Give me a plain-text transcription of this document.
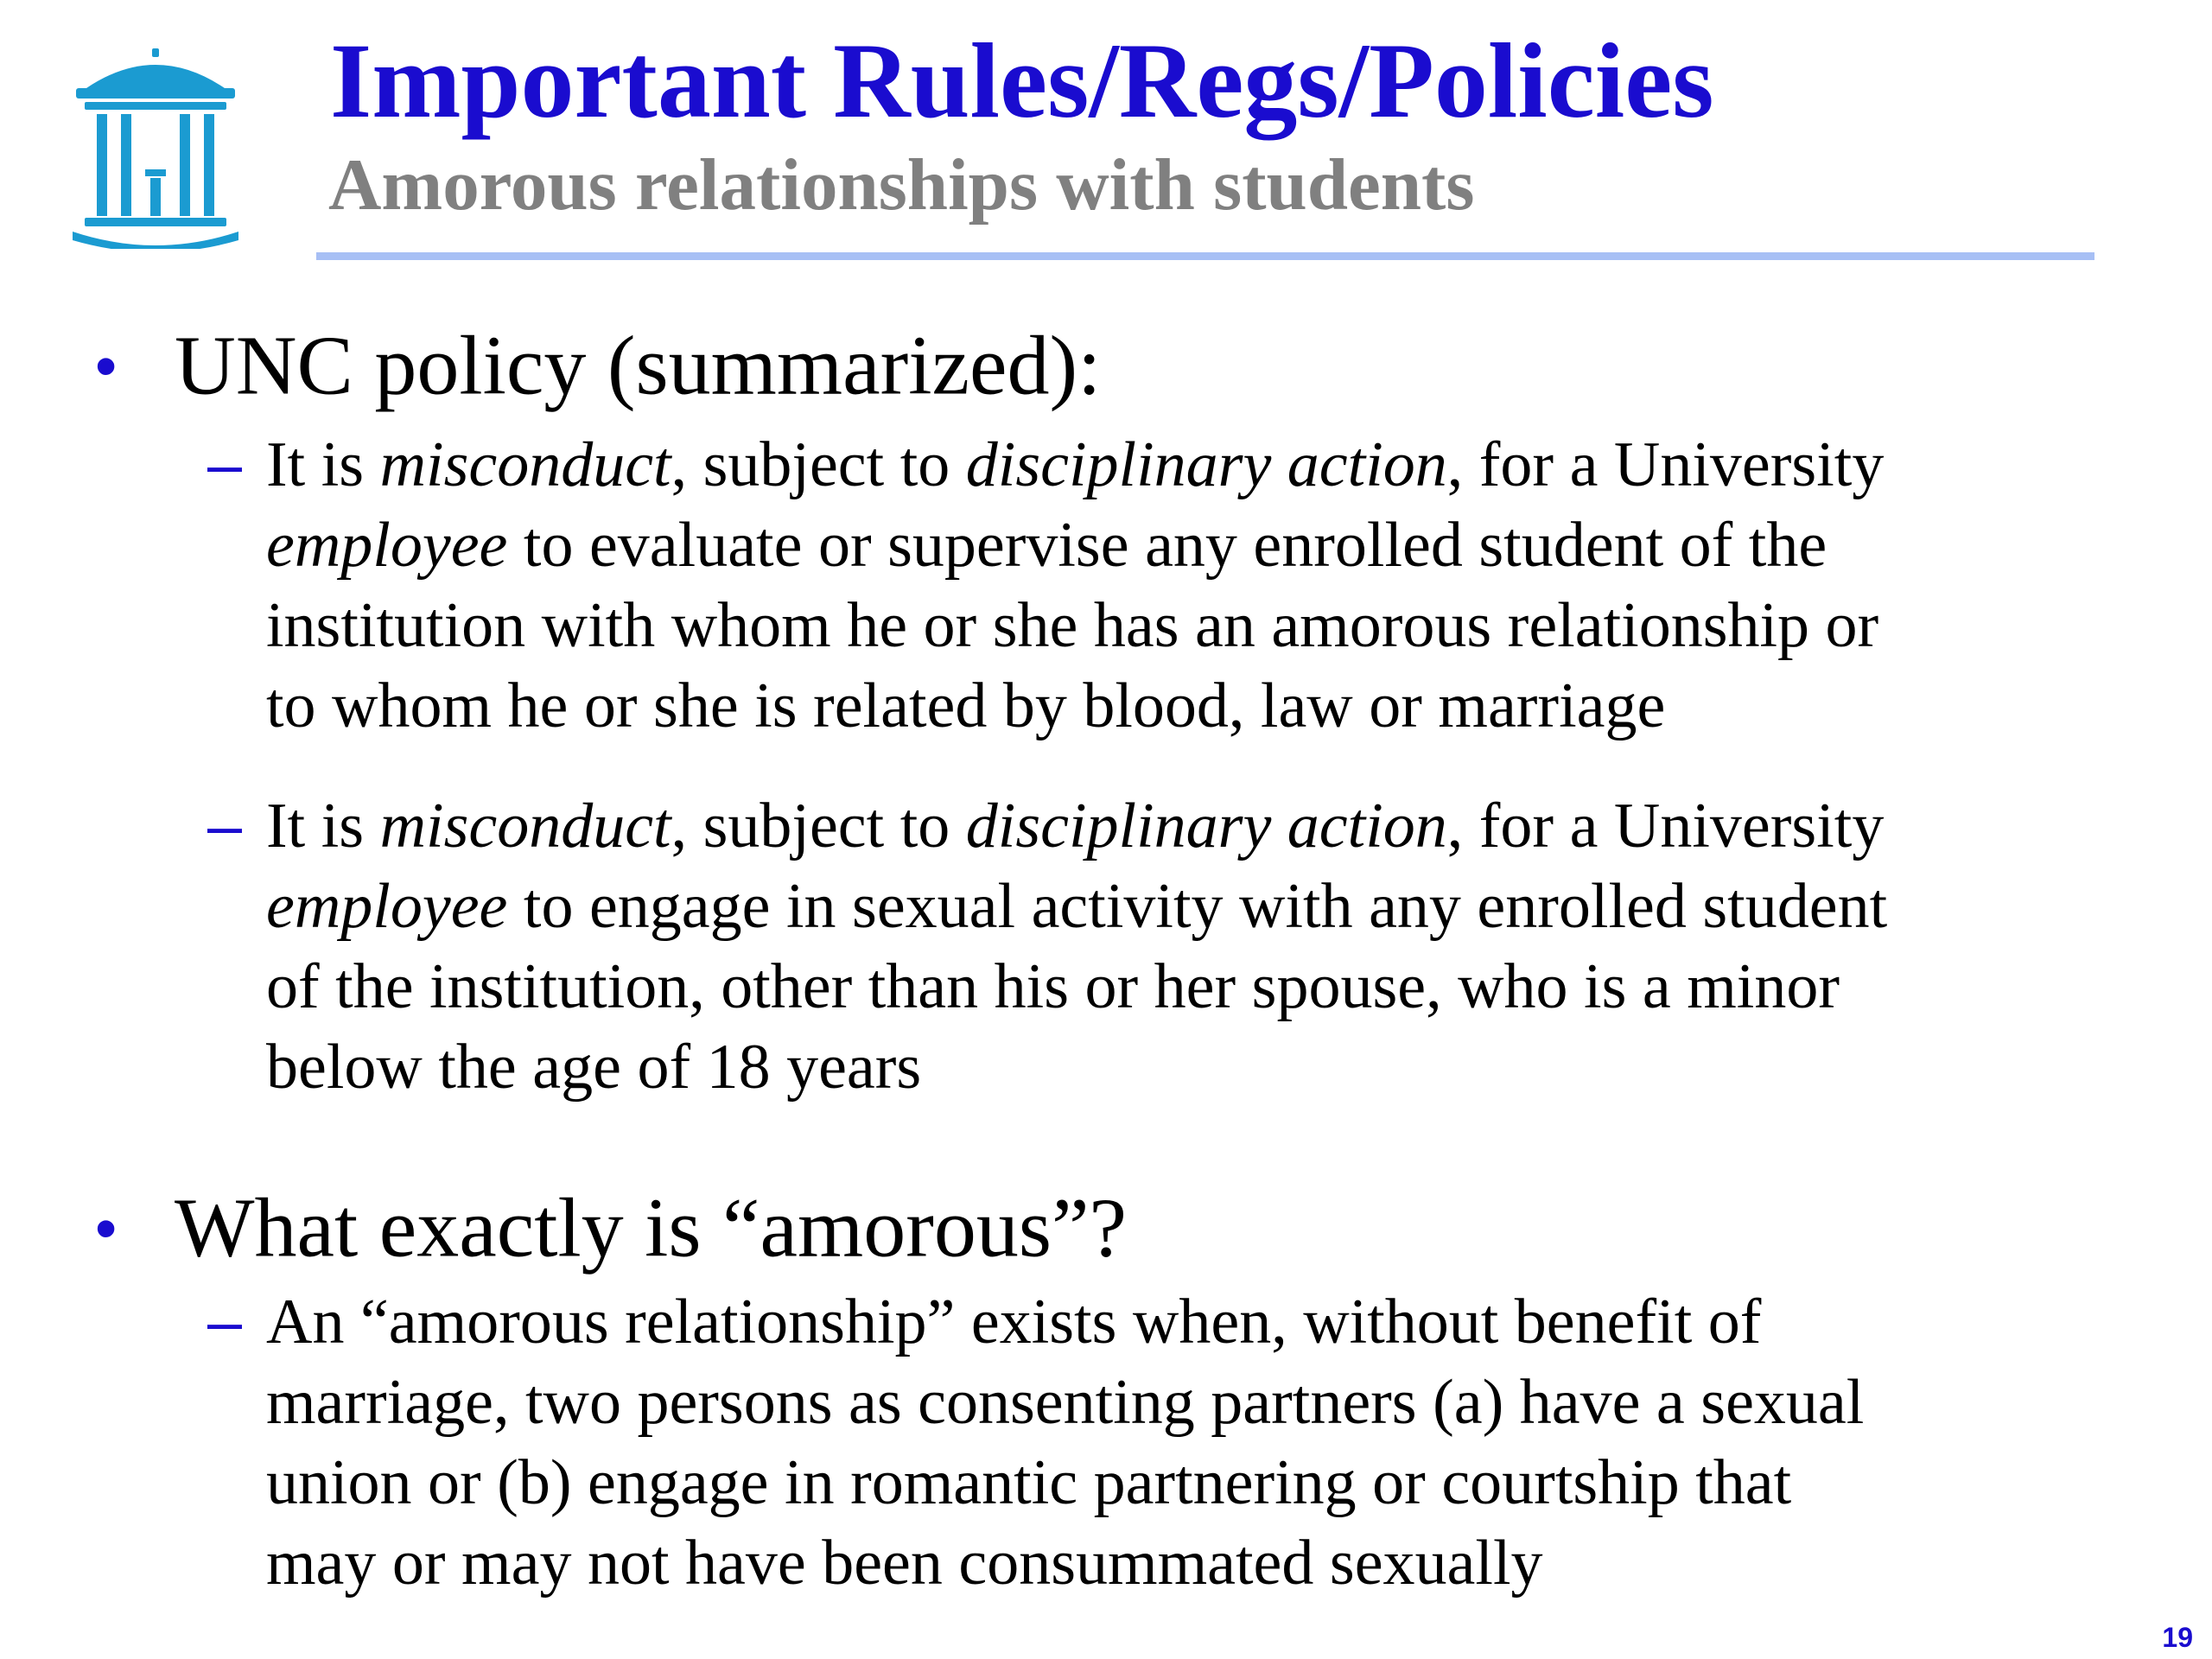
Important Rules/Regs/Policies
Amorous relationships with students
• UNC policy (summarized):
– It is misconduct, subject to disciplinary action, for a University
employee to evaluate or supervise any enrolled student of the
institution with whom he or she has an amorous relationship or
to whom he or she is related by blood, law or marriage
– It is misconduct, subject to disciplinary action, for a University
employee to engage in sexual activity with any enrolled student
of the institution, other than his or her spouse, who is a minor
below the age of 18 years
• What exactly is “amorous”?
– An “amorous relationship” exists when, without benefit of
marriage, two persons as consenting partners (a) have a sexual
union or (b) engage in romantic partnering or courtship that
may or may not have been consummated sexually
19
